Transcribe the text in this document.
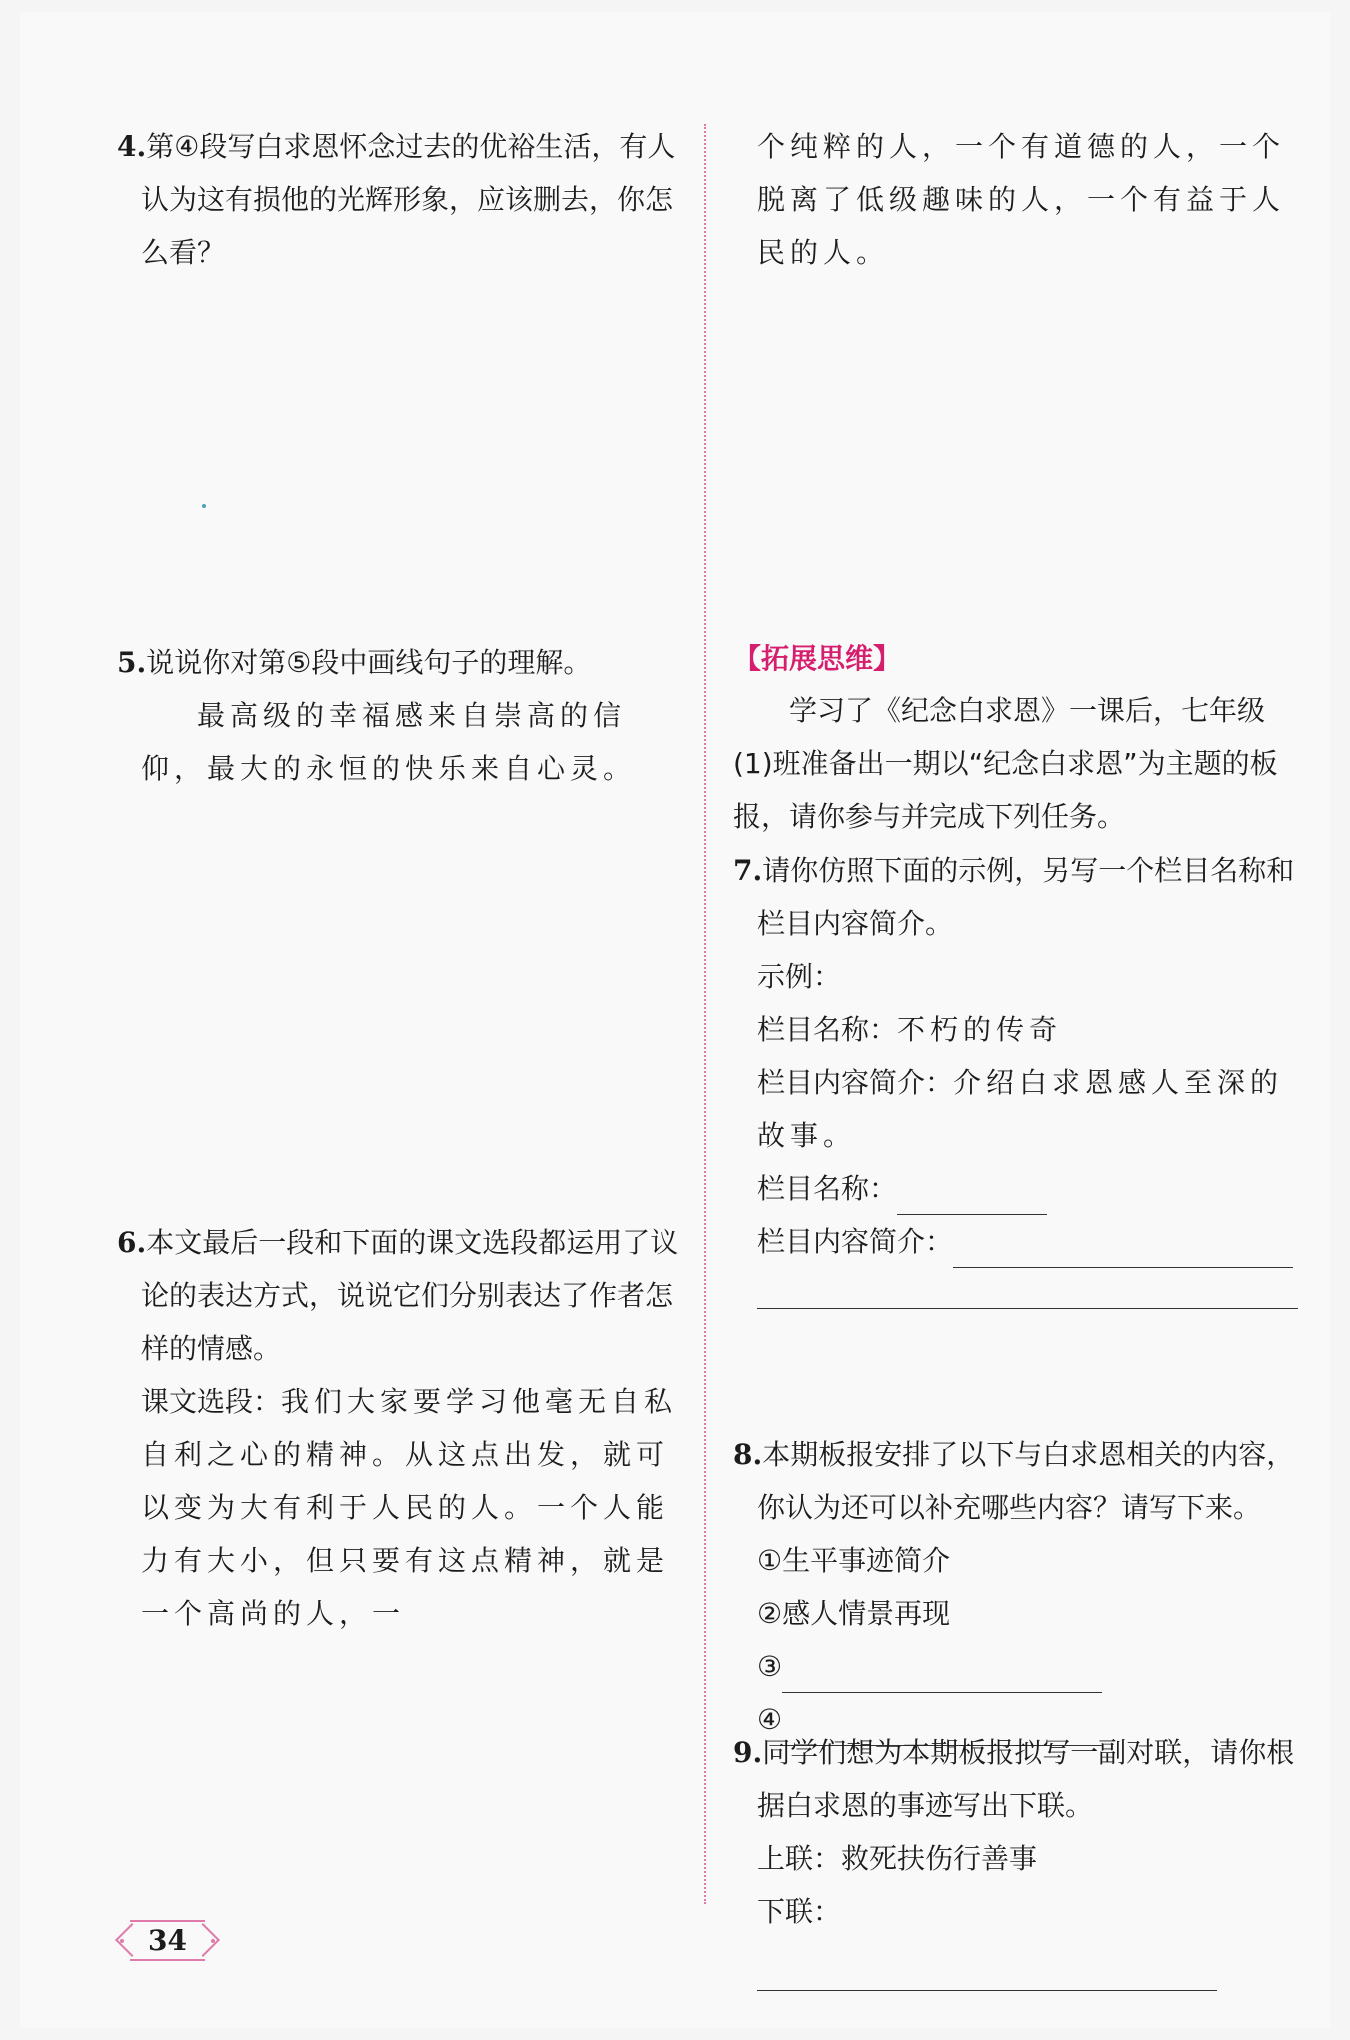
4.第④段写白求恩怀念过去的优裕生活，有人认为这有损他的光辉形象，应该删去，你怎么看？

5.说说你对第⑤段中画线句子的理解。

最高级的幸福感来自崇高的信仰，最大的永恒的快乐来自心灵。

6.本文最后一段和下面的课文选段都运用了议论的表达方式，说说它们分别表达了作者怎样的情感。

课文选段：我们大家要学习他毫无自私自利之心的精神。从这点出发，就可以变为大有利于人民的人。一个人能力有大小，但只要有这点精神，就是一个高尚的人，一

个纯粹的人，一个有道德的人，一个脱离了低级趣味的人，一个有益于人民的人。
【拓展思维】

学习了《纪念白求恩》一课后，七年级(1)班准备出一期以“纪念白求恩”为主题的板报，请你参与并完成下列任务。

7.请你仿照下面的示例，另写一个栏目名称和栏目内容简介。

示例：

栏目名称：不朽的传奇

栏目内容简介：介绍白求恩感人至深的故事。

栏目名称：

栏目内容简介：

8.本期板报安排了以下与白求恩相关的内容，你认为还可以补充哪些内容？请写下来。

①生平事迹简介

②感人情景再现

③

④

9.同学们想为本期板报拟写一副对联，请你根据白求恩的事迹写出下联。

上联：救死扶伤行善事

下联：

34
